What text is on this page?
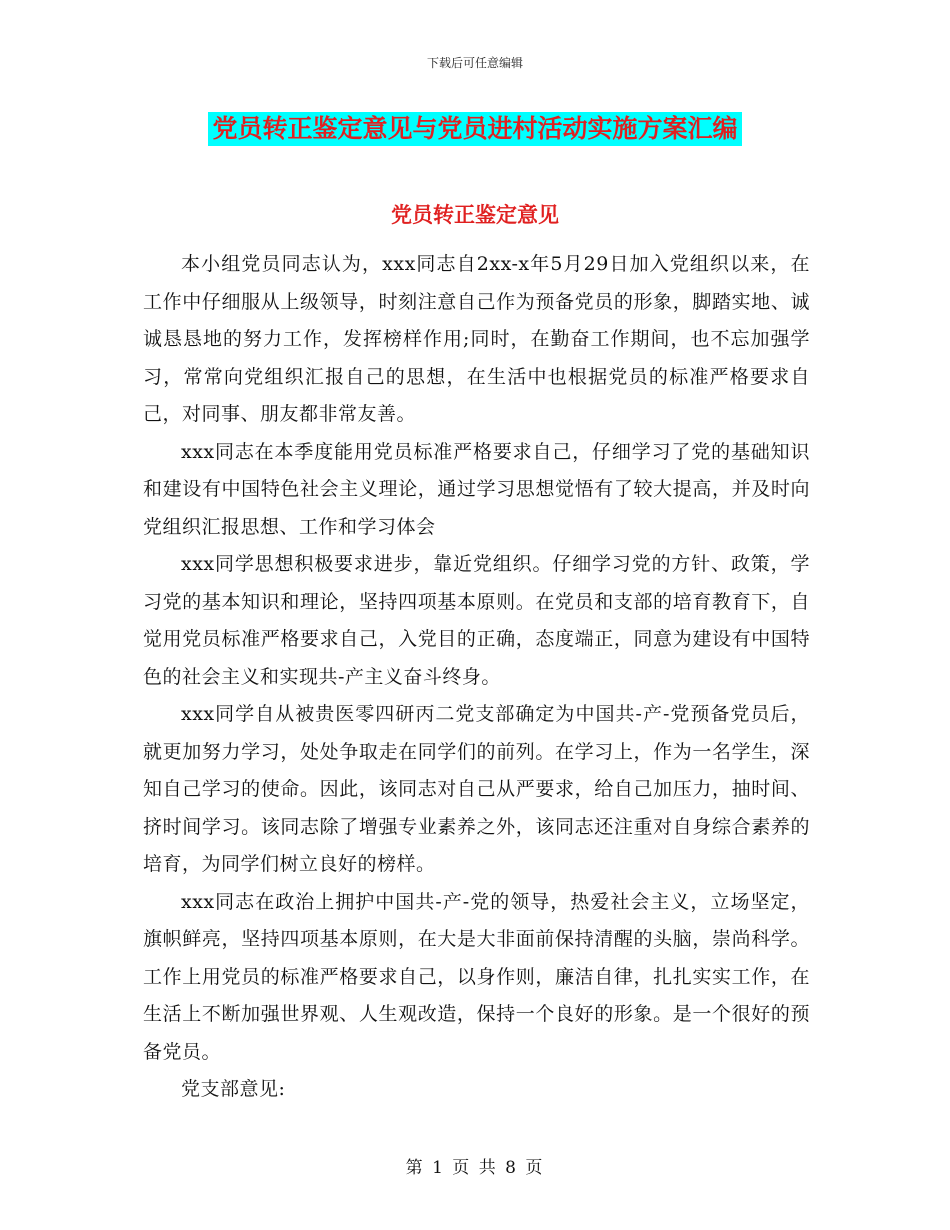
下载后可任意编辑
党员转正鉴定意见与党员进村活动实施方案汇编
党员转正鉴定意见

本小组党员同志认为，xxx同志自2xx-x年5月29日加入党组织以来，在工作中仔细服从上级领导，时刻注意自己作为预备党员的形象，脚踏实地、诚诚恳恳地的努力工作，发挥榜样作用;同时，在勤奋工作期间，也不忘加强学习，常常向党组织汇报自己的思想，在生活中也根据党员的标准严格要求自己，对同事、朋友都非常友善。

xxx同志在本季度能用党员标准严格要求自己，仔细学习了党的基础知识和建设有中国特色社会主义理论，通过学习思想觉悟有了较大提高，并及时向党组织汇报思想、工作和学习体会

xxx同学思想积极要求进步，靠近党组织。仔细学习党的方针、政策，学习党的基本知识和理论，坚持四项基本原则。在党员和支部的培育教育下，自觉用党员标准严格要求自己，入党目的正确，态度端正，同意为建设有中国特色的社会主义和实现共-产主义奋斗终身。

xxx同学自从被贵医零四研丙二党支部确定为中国共-产-党预备党员后，就更加努力学习，处处争取走在同学们的前列。在学习上，作为一名学生，深知自己学习的使命。因此，该同志对自己从严要求，给自己加压力，抽时间、挤时间学习。该同志除了增强专业素养之外，该同志还注重对自身综合素养的培育，为同学们树立良好的榜样。

xxx同志在政治上拥护中国共-产-党的领导，热爱社会主义，立场坚定，旗帜鲜亮，坚持四项基本原则，在大是大非面前保持清醒的头脑，崇尚科学。工作上用党员的标准严格要求自己，以身作则，廉洁自律，扎扎实实工作，在生活上不断加强世界观、人生观改造，保持一个良好的形象。是一个很好的预备党员。

党支部意见:

第 1 页 共 8 页
